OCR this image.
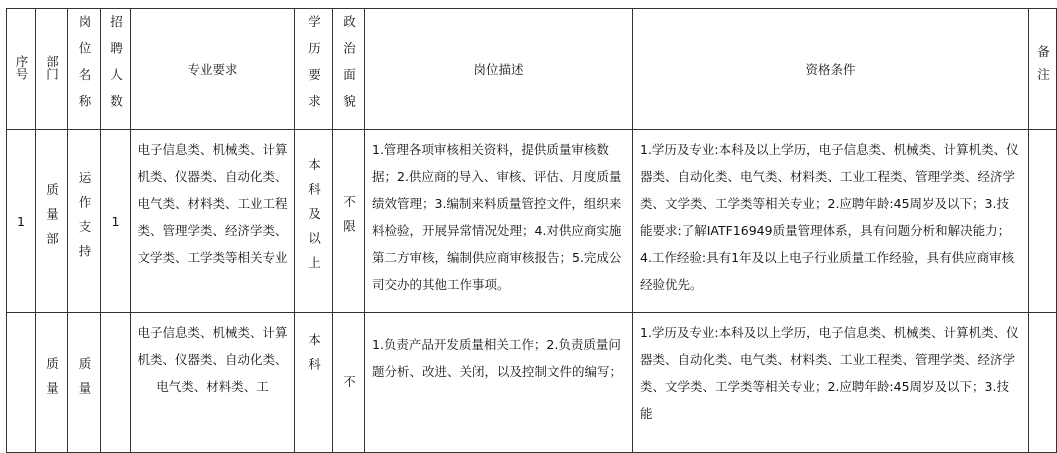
序号	部门	岗位名称	招聘人数	专业要求	学历要求	政治面貌	岗位描述	资格条件	备注
1	质量部	运作支持	1	电子信息类、机械类、计算机类、仪器类、自动化类、电气类、材料类、工业工程类、管理学类、经济学类、文学类、工学类等相关专业	本科及以上	不限	1.管理各项审核相关资料，提供质量审核数据；2.供应商的导入、审核、评估、月度质量绩效管理；3.编制来料质量管控文件，组织来料检验，开展异常情况处理；4.对供应商实施第二方审核，编制供应商审核报告；5.完成公司交办的其他工作事项。	1.学历及专业:本科及以上学历，电子信息类、机械类、计算机类、仪器类、自动化类、电气类、材料类、工业工程类、管理学类、经济学类、文学类、工学类等相关专业；2.应聘年龄:45周岁及以下；3.技能要求:了解IATF16949质量管理体系，具有问题分析和解决能力；4.工作经验:具有1年及以上电子行业质量工作经验，具有供应商审核经验优先。	
	质量	质量		电子信息类、机械类、计算机类、仪器类、自动化类、电气类、材料类、工	本科	不	1.负责产品开发质量相关工作；2.负责质量问题分析、改进、关闭，以及控制文件的编写；	1.学历及专业:本科及以上学历，电子信息类、机械类、计算机类、仪器类、自动化类、电气类、材料类、工业工程类、管理学类、经济学类、文学类、工学类等相关专业；2.应聘年龄:45周岁及以下；3.技能	
